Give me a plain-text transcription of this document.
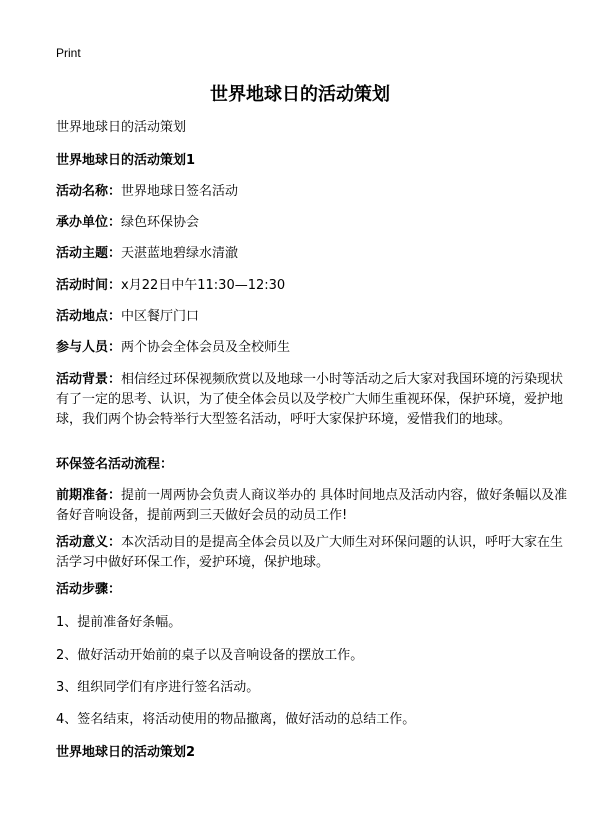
Print
世界地球日的活动策划
世界地球日的活动策划
世界地球日的活动策划1
活动名称：世界地球日签名活动
承办单位：绿色环保协会
活动主题：天湛蓝地碧绿水清澈
活动时间：x月22日中午11:30—12:30
活动地点：中区餐厅门口
参与人员：两个协会全体会员及全校师生
活动背景：相信经过环保视频欣赏以及地球一小时等活动之后大家对我国环境的污染现状有了一定的思考、认识，为了使全体会员以及学校广大师生重视环保，保护环境，爱护地球，我们两个协会特举行大型签名活动，呼吁大家保护环境，爱惜我们的地球。
环保签名活动流程：
前期准备：提前一周两协会负责人商议举办的 具体时间地点及活动内容，做好条幅以及准备好音响设备，提前两到三天做好会员的动员工作!
活动意义：本次活动目的是提高全体会员以及广大师生对环保问题的认识，呼吁大家在生活学习中做好环保工作，爱护环境，保护地球。
活动步骤：
1、提前准备好条幅。
2、做好活动开始前的桌子以及音响设备的摆放工作。
3、组织同学们有序进行签名活动。
4、签名结束，将活动使用的物品撤离，做好活动的总结工作。
世界地球日的活动策划2
